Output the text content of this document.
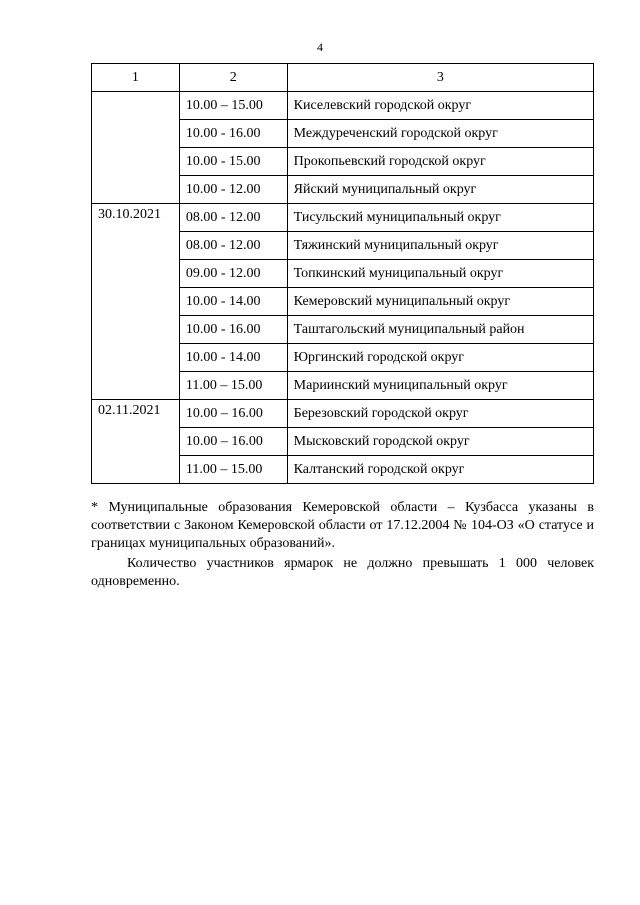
4
1	2	3
	10.00 – 15.00	Киселевский городской округ
	10.00 - 16.00	Междуреченский городской округ
	10.00 - 15.00	Прокопьевский городской округ
	10.00 - 12.00	Яйский муниципальный округ
30.10.2021	08.00 - 12.00	Тисульский муниципальный округ
	08.00 - 12.00	Тяжинский муниципальный округ
	09.00 - 12.00	Топкинский муниципальный округ
	10.00 - 14.00	Кемеровский муниципальный округ
	10.00 - 16.00	Таштагольский муниципальный район
	10.00 - 14.00	Юргинский городской округ
	11.00 – 15.00	Мариинский муниципальный округ
02.11.2021	10.00 – 16.00	Березовский городской округ
	10.00 – 16.00	Мысковский городской округ
	11.00 – 15.00	Калтанский городской округ

* Муниципальные образования Кемеровской области – Кузбасса указаны в соответствии с Законом Кемеровской области от 17.12.2004 № 104-ОЗ «О статусе и границах муниципальных образований».

Количество участников ярмарок не должно превышать 1 000 человек одновременно.
